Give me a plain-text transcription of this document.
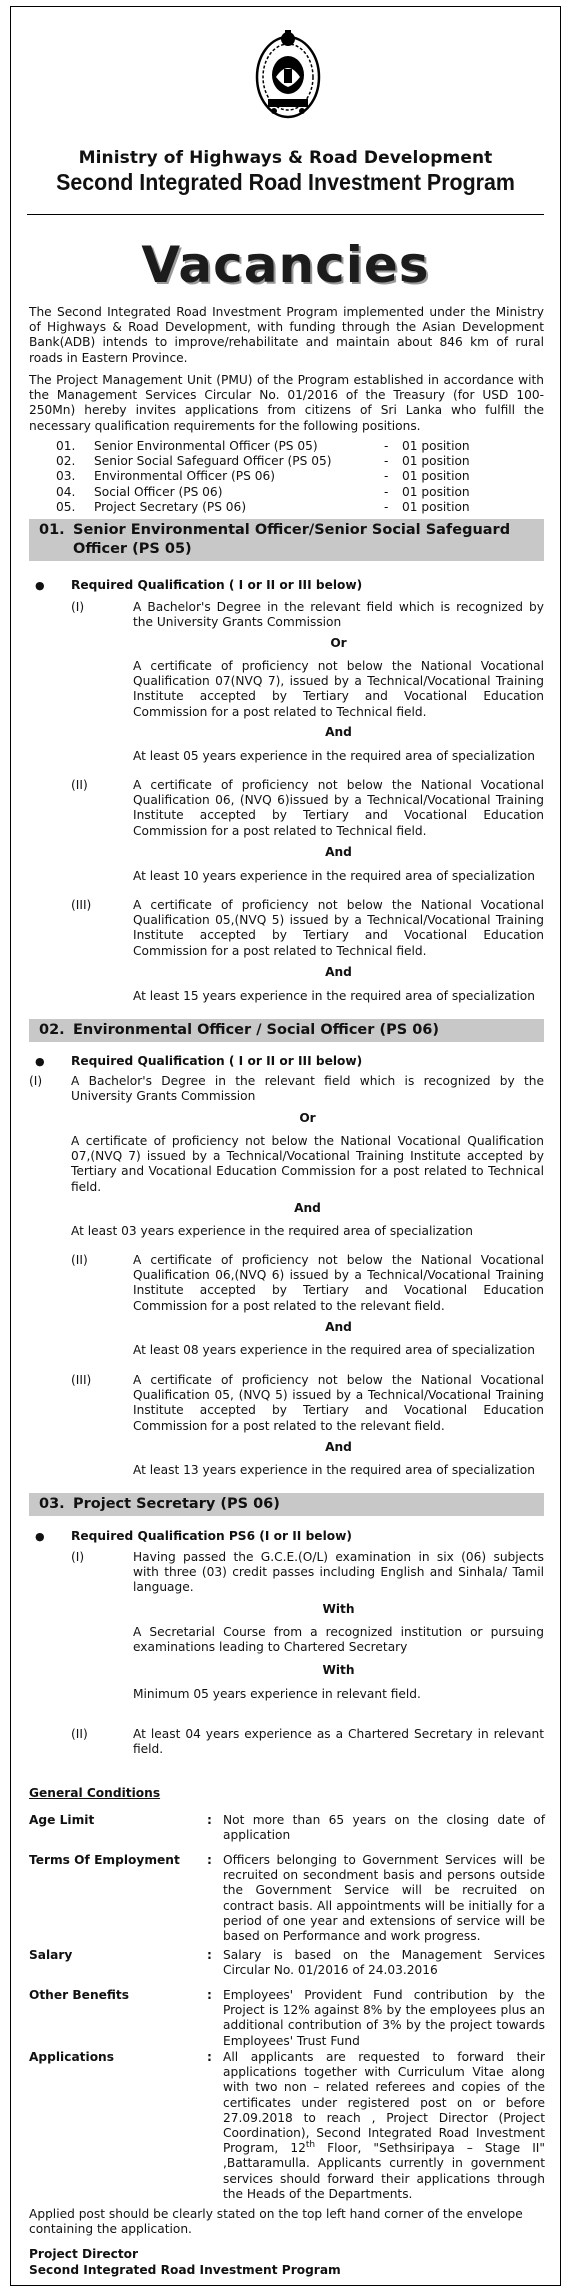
Ministry of Highways & Road Development
Second Integrated Road Investment Program
Vacancies
The Second Integrated Road Investment Program implemented under the Ministry of Highways & Road Development, with funding through the Asian Development Bank(ADB) intends to improve/rehabilitate and maintain about 846 km of rural roads in Eastern Province.
The Project Management Unit (PMU) of the Program established in accordance with the Management Services Circular No. 01/2016 of the Treasury (for USD 100-250Mn) hereby invites applications from citizens of Sri Lanka who fulfill the necessary qualification requirements for the following positions.
01. Senior Environmental Officer (PS 05)	- 01 position
02. Senior Social Safeguard Officer (PS 05)	- 01 position
03. Environmental Officer (PS 06)	- 01 position
04. Social Officer (PS 06)	- 01 position
05. Project Secretary (PS 06)	- 01 position
01. Senior Environmental Officer/Senior Social Safeguard
Officer (PS 05)
● Required Qualification ( I or II or III below)
(I)	A Bachelor's Degree in the relevant field which is recognized by the University Grants Commission
Or
A certificate of proficiency not below the National Vocational Qualification 07(NVQ 7), issued by a Technical/Vocational Training Institute accepted by Tertiary and Vocational Education Commission for a post related to Technical field.
And
At least 05 years experience in the required area of specialization
(II)	A certificate of proficiency not below the National Vocational Qualification 06, (NVQ 6)issued by a Technical/Vocational Training Institute accepted by Tertiary and Vocational Education Commission for a post related to Technical field.
And
At least 10 years experience in the required area of specialization
(III)	A certificate of proficiency not below the National Vocational Qualification 05,(NVQ 5) issued by a Technical/Vocational Training Institute accepted by Tertiary and Vocational Education Commission for a post related to Technical field.
And
At least 15 years experience in the required area of specialization
02. Environmental Officer / Social Officer (PS 06)
● Required Qualification ( I or II or III below)
(I) A Bachelor's Degree in the relevant field which is recognized by the University Grants Commission
Or
A certificate of proficiency not below the National Vocational Qualification 07,(NVQ 7) issued by a Technical/Vocational Training Institute accepted by Tertiary and Vocational Education Commission for a post related to Technical field.
And
At least 03 years experience in the required area of specialization
(II)	A certificate of proficiency not below the National Vocational Qualification 06,(NVQ 6) issued by a Technical/Vocational Training Institute accepted by Tertiary and Vocational Education Commission for a post related to the relevant field.
And
At least 08 years experience in the required area of specialization
(III)	A certificate of proficiency not below the National Vocational Qualification 05, (NVQ 5) issued by a Technical/Vocational Training Institute accepted by Tertiary and Vocational Education Commission for a post related to the relevant field.
And
At least 13 years experience in the required area of specialization
03. Project Secretary (PS 06)
● Required Qualification PS6 (I or II below)
(I)	Having passed the G.C.E.(O/L) examination in six (06) subjects with three (03) credit passes including English and Sinhala/ Tamil language.
With
A Secretarial Course from a recognized institution or pursuing examinations leading to Chartered Secretary
With
Minimum 05 years experience in relevant field.
(II)	At least 04 years experience as a Chartered Secretary in relevant field.
General Conditions
Age Limit	: Not more than 65 years on the closing date of application
Terms Of Employment : Officers belonging to Government Services will be recruited on secondment basis and persons outside the Government Service will be recruited on contract basis. All appointments will be initially for a period of one year and extensions of service will be based on Performance and work progress.
Salary	: Salary is based on the Management Services Circular No. 01/2016 of 24.03.2016
Other Benefits	: Employees' Provident Fund contribution by the Project is 12% against 8% by the employees plus an additional contribution of 3% by the project towards Employees' Trust Fund
Applications	: All applicants are requested to forward their applications together with Curriculum Vitae along with two non – related referees and copies of the certificates under registered post on or before 27.09.2018 to reach , Project Director (Project Coordination), Second Integrated Road Investment Program, 12th Floor, "Sethsiripaya – Stage II" ,Battaramulla. Applicants currently in government services should forward their applications through the Heads of the Departments.
Applied post should be clearly stated on the top left hand corner of the envelope containing the application.
Project Director
Second Integrated Road Investment Program
